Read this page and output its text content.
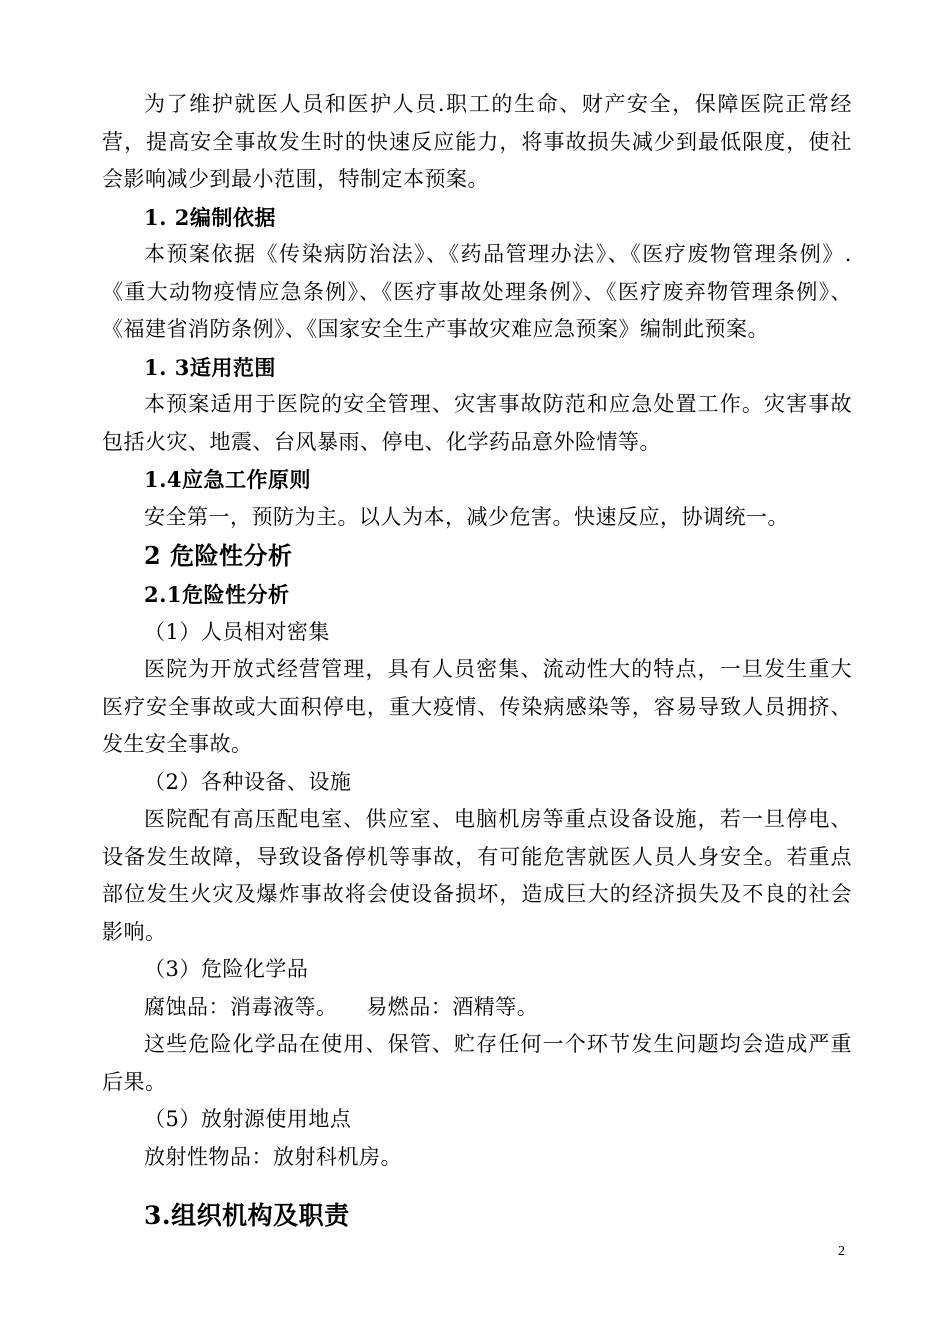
为了维护就医人员和医护人员.职工的生命、财产安全，保障医院正常经营，提高安全事故发生时的快速反应能力，将事故损失减少到最低限度，使社会影响减少到最小范围，特制定本预案。

1. 2编制依据

本预案依据《传染病防治法》、《药品管理办法》、《医疗废物管理条例》.《重大动物疫情应急条例》、《医疗事故处理条例》、《医疗废弃物管理条例》、《福建省消防条例》、《国家安全生产事故灾难应急预案》编制此预案。

1. 3适用范围

本预案适用于医院的安全管理、灾害事故防范和应急处置工作。灾害事故包括火灾、地震、台风暴雨、停电、化学药品意外险情等。

1.4应急工作原则

安全第一，预防为主。以人为本，减少危害。快速反应，协调统一。

2 危险性分析

2.1危险性分析

（1）人员相对密集

医院为开放式经营管理，具有人员密集、流动性大的特点，一旦发生重大医疗安全事故或大面积停电，重大疫情、传染病感染等，容易导致人员拥挤、发生安全事故。

（2）各种设备、设施

医院配有高压配电室、供应室、电脑机房等重点设备设施，若一旦停电、设备发生故障，导致设备停机等事故，有可能危害就医人员人身安全。若重点部位发生火灾及爆炸事故将会使设备损坏，造成巨大的经济损失及不良的社会影响。

（3）危险化学品

腐蚀品：消毒液等。    易燃品：酒精等。

这些危险化学品在使用、保管、贮存任何一个环节发生问题均会造成严重后果。

（5）放射源使用地点

放射性物品：放射科机房。

3.组织机构及职责

2
